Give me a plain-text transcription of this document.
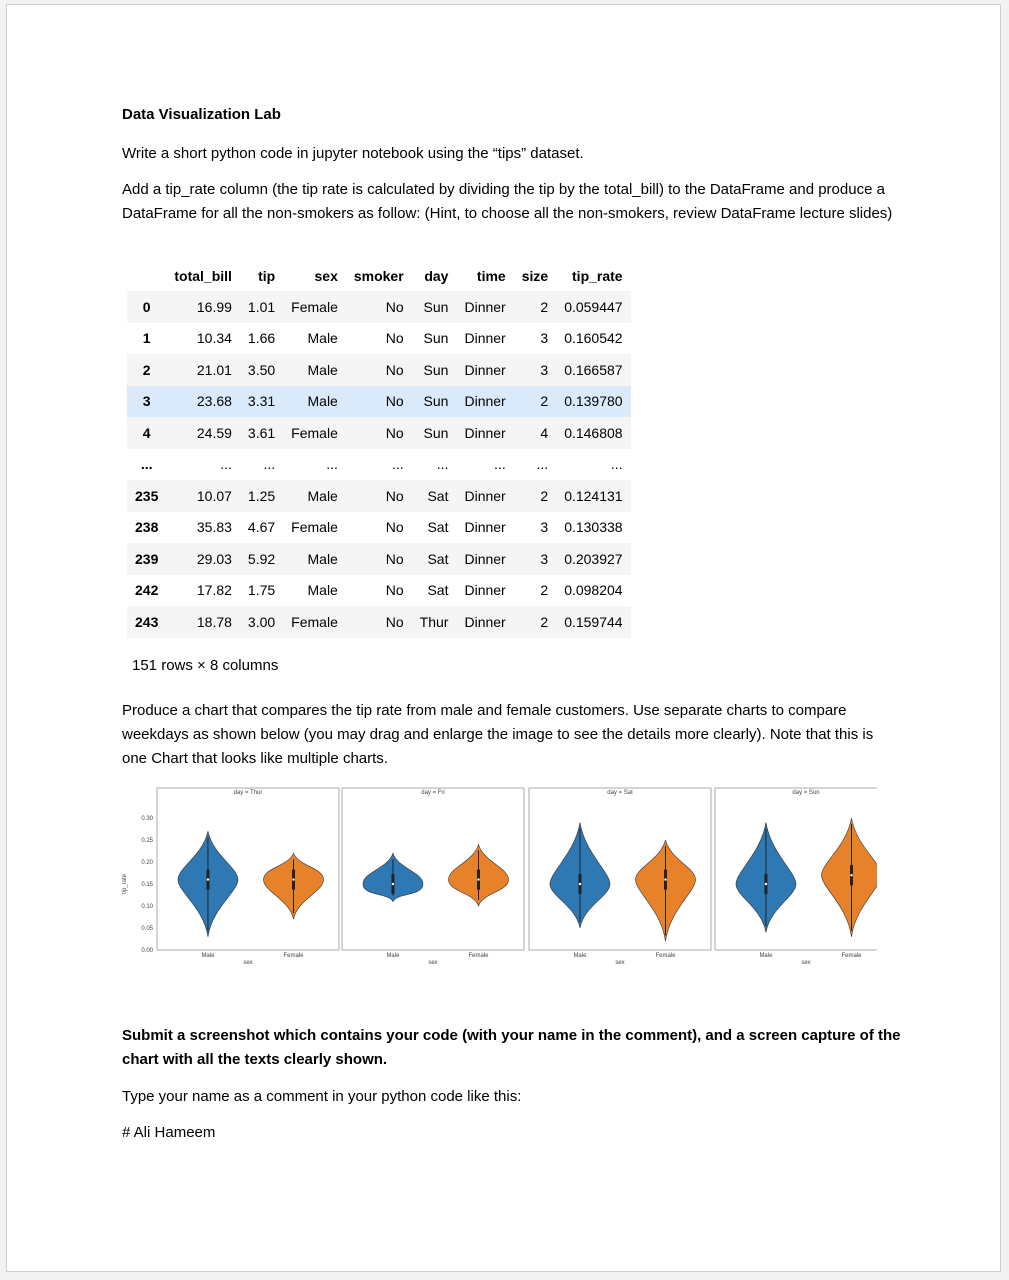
Data Visualization Lab
Write a short python code in jupyter notebook using the “tips” dataset.
Add a tip_rate column (the tip rate is calculated by dividing the tip by the total_bill) to the DataFrame and produce a DataFrame for all the non-smokers as follow: (Hint, to choose all the non-smokers, review DataFrame lecture slides)
	total_bill	tip	sex	smoker	day	time	size	tip_rate
0	16.99	1.01	Female	No	Sun	Dinner	2	0.059447
1	10.34	1.66	Male	No	Sun	Dinner	3	0.160542
2	21.01	3.50	Male	No	Sun	Dinner	3	0.166587
3	23.68	3.31	Male	No	Sun	Dinner	2	0.139780
4	24.59	3.61	Female	No	Sun	Dinner	4	0.146808
...	...	...	...	...	...	...	...	...
235	10.07	1.25	Male	No	Sat	Dinner	2	0.124131
238	35.83	4.67	Female	No	Sat	Dinner	3	0.130338
239	29.03	5.92	Male	No	Sat	Dinner	3	0.203927
242	17.82	1.75	Male	No	Sat	Dinner	2	0.098204
243	18.78	3.00	Female	No	Thur	Dinner	2	0.159744
151 rows × 8 columns
Produce a chart that compares the tip rate from male and female customers. Use separate charts to compare weekdays as shown below (you may drag and enlarge the image to see the details more clearly). Note that this is one Chart that looks like multiple charts.
tip_rate
0.30
0.25
0.20
0.15
0.10
0.05
0.00
day = Thur
sex
Male	Female
day = Fri
sex
Male	Female
day = Sat
sex
Male	Female
day = Sun
sex
Male	Female
Submit a screenshot which contains your code (with your name in the comment), and a screen capture of the chart with all the texts clearly shown.
Type your name as a comment in your python code like this:
# Ali Hameem
